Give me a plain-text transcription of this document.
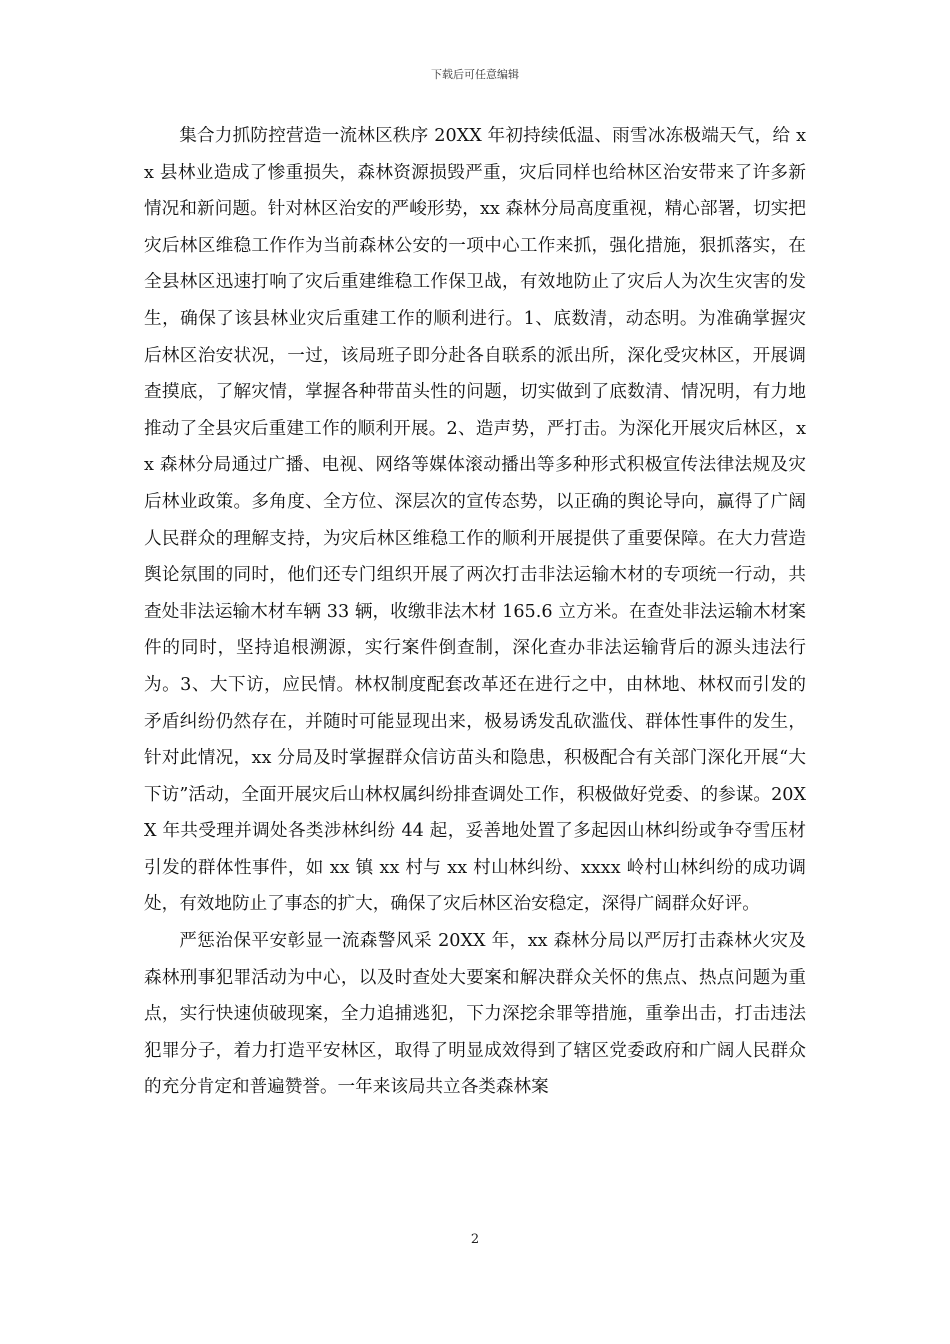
下载后可任意编辑

集合力抓防控营造一流林区秩序 20XX 年初持续低温、雨雪冰冻极端天气，给 xx 县林业造成了惨重损失，森林资源损毁严重，灾后同样也给林区治安带来了许多新情况和新问题。针对林区治安的严峻形势，xx 森林分局高度重视，精心部署，切实把灾后林区维稳工作作为当前森林公安的一项中心工作来抓，强化措施，狠抓落实，在全县林区迅速打响了灾后重建维稳工作保卫战，有效地防止了灾后人为次生灾害的发生，确保了该县林业灾后重建工作的顺利进行。1、底数清，动态明。为准确掌握灾后林区治安状况，一过，该局班子即分赴各自联系的派出所，深化受灾林区，开展调查摸底，了解灾情，掌握各种带苗头性的问题，切实做到了底数清、情况明，有力地推动了全县灾后重建工作的顺利开展。2、造声势，严打击。为深化开展灾后林区，xx 森林分局通过广播、电视、网络等媒体滚动播出等多种形式积极宣传法律法规及灾后林业政策。多角度、全方位、深层次的宣传态势，以正确的舆论导向，赢得了广阔人民群众的理解支持，为灾后林区维稳工作的顺利开展提供了重要保障。在大力营造舆论氛围的同时，他们还专门组织开展了两次打击非法运输木材的专项统一行动，共查处非法运输木材车辆 33 辆，收缴非法木材 165.6 立方米。在查处非法运输木材案件的同时，坚持追根溯源，实行案件倒查制，深化查办非法运输背后的源头违法行为。3、大下访，应民情。林权制度配套改革还在进行之中，由林地、林权而引发的矛盾纠纷仍然存在，并随时可能显现出来，极易诱发乱砍滥伐、群体性事件的发生，针对此情况，xx 分局及时掌握群众信访苗头和隐患，积极配合有关部门深化开展“大下访”活动，全面开展灾后山林权属纠纷排查调处工作，积极做好党委、的参谋。20XX 年共受理并调处各类涉林纠纷 44 起，妥善地处置了多起因山林纠纷或争夺雪压材引发的群体性事件，如 xx 镇 xx 村与 xx 村山林纠纷、xxxx 岭村山林纠纷的成功调处，有效地防止了事态的扩大，确保了灾后林区治安稳定，深得广阔群众好评。

严惩治保平安彰显一流森警风采 20XX 年，xx 森林分局以严厉打击森林火灾及森林刑事犯罪活动为中心，以及时查处大要案和解决群众关怀的焦点、热点问题为重点，实行快速侦破现案，全力追捕逃犯，下力深挖余罪等措施，重拳出击，打击违法犯罪分子，着力打造平安林区，取得了明显成效得到了辖区党委政府和广阔人民群众的充分肯定和普遍赞誉。一年来该局共立各类森林案

2
